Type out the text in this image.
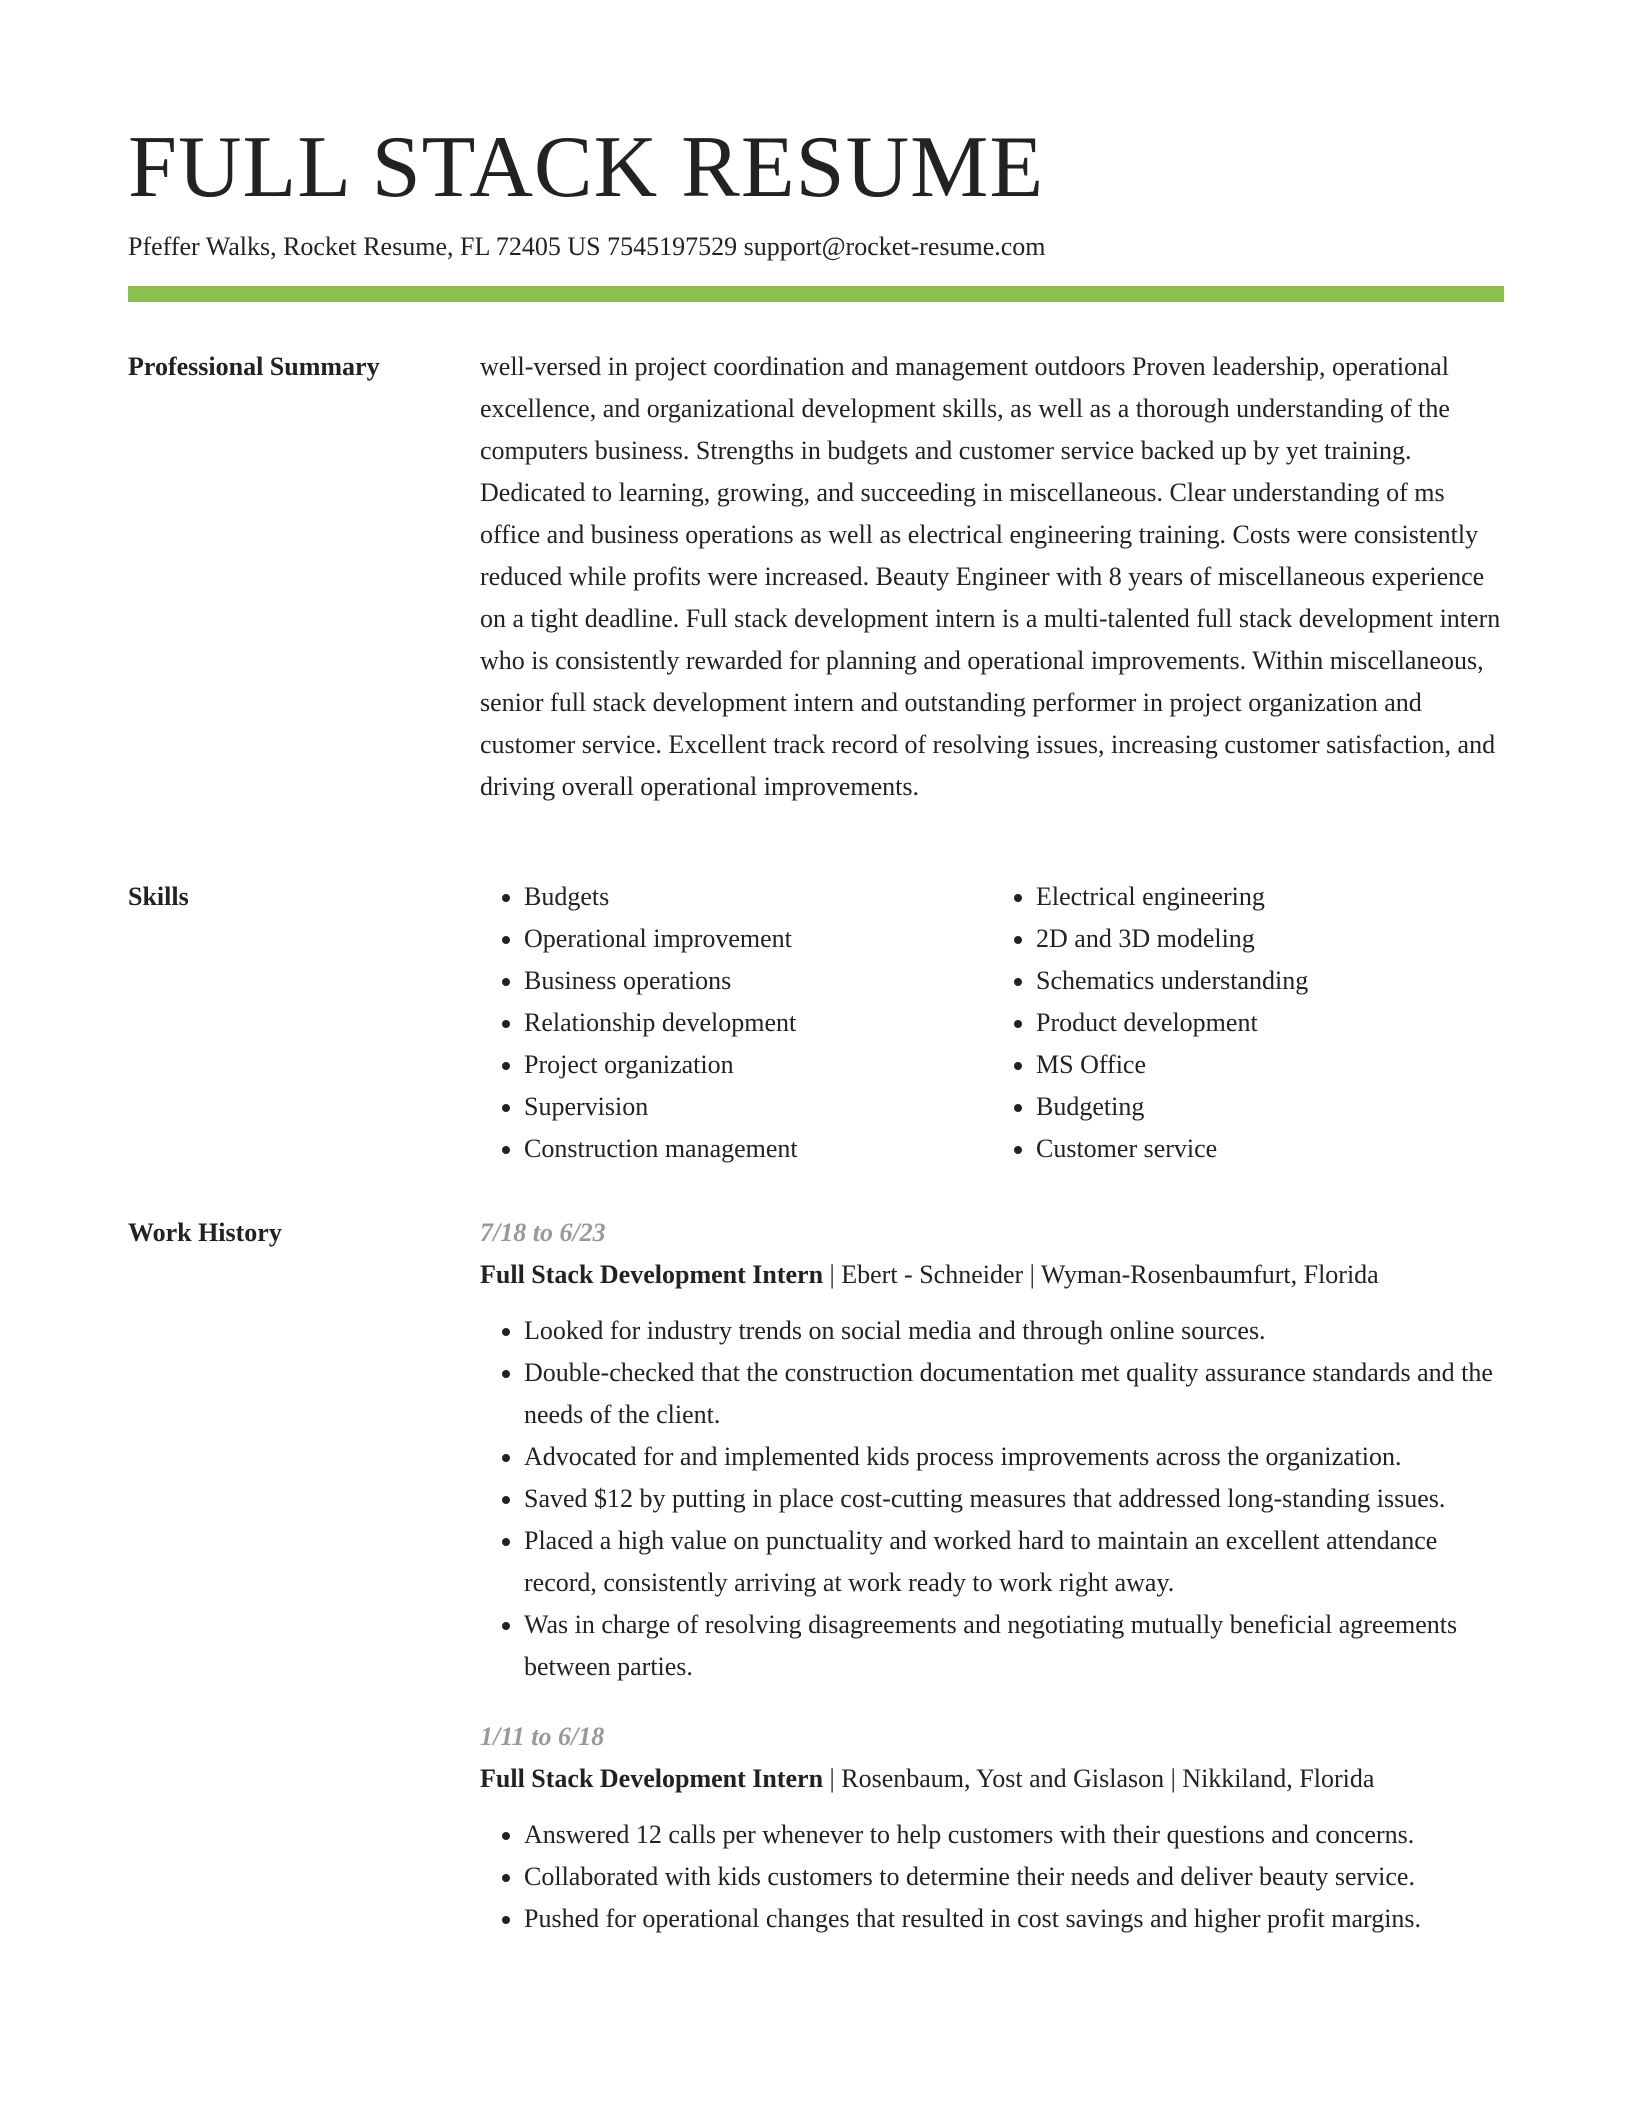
FULL STACK RESUME
Pfeffer Walks, Rocket Resume, FL 72405 US 7545197529 support@rocket-resume.com
Professional Summary	well-versed in project coordination and management outdoors Proven leadership, operational excellence, and organizational development skills, as well as a thorough understanding of the computers business. Strengths in budgets and customer service backed up by yet training. Dedicated to learning, growing, and succeeding in miscellaneous. Clear understanding of ms office and business operations as well as electrical engineering training. Costs were consistently reduced while profits were increased. Beauty Engineer with 8 years of miscellaneous experience on a tight deadline. Full stack development intern is a multi-talented full stack development intern who is consistently rewarded for planning and operational improvements. Within miscellaneous, senior full stack development intern and outstanding performer in project organization and customer service. Excellent track record of resolving issues, increasing customer satisfaction, and driving overall operational improvements.

Skills
•	Budgets
• Operational improvement
• Business operations
• Relationship development
• Project organization
• Supervision
• Construction management
• Electrical engineering
• 2D and 3D modeling
• Schematics understanding
• Product development
• MS Office
• Budgeting
• Customer service
Work History	7/18 to 6/23

Full Stack Development Intern | Ebert - Schneider | Wyman-Rosenbaumfurt, Florida

• Looked for industry trends on social media and through online sources.
• Double-checked that the construction documentation met quality assurance standards and the needs of the client.
• Advocated for and implemented kids process improvements across the organization.
• Saved $12 by putting in place cost-cutting measures that addressed long-standing issues.
• Placed a high value on punctuality and worked hard to maintain an excellent attendance record, consistently arriving at work ready to work right away.
• Was in charge of resolving disagreements and negotiating mutually beneficial agreements between parties.

1/11 to 6/18

Full Stack Development Intern | Rosenbaum, Yost and Gislason | Nikkiland, Florida

• Answered 12 calls per whenever to help customers with their questions and concerns.
• Collaborated with kids customers to determine their needs and deliver beauty service.
• Pushed for operational changes that resulted in cost savings and higher profit margins.
